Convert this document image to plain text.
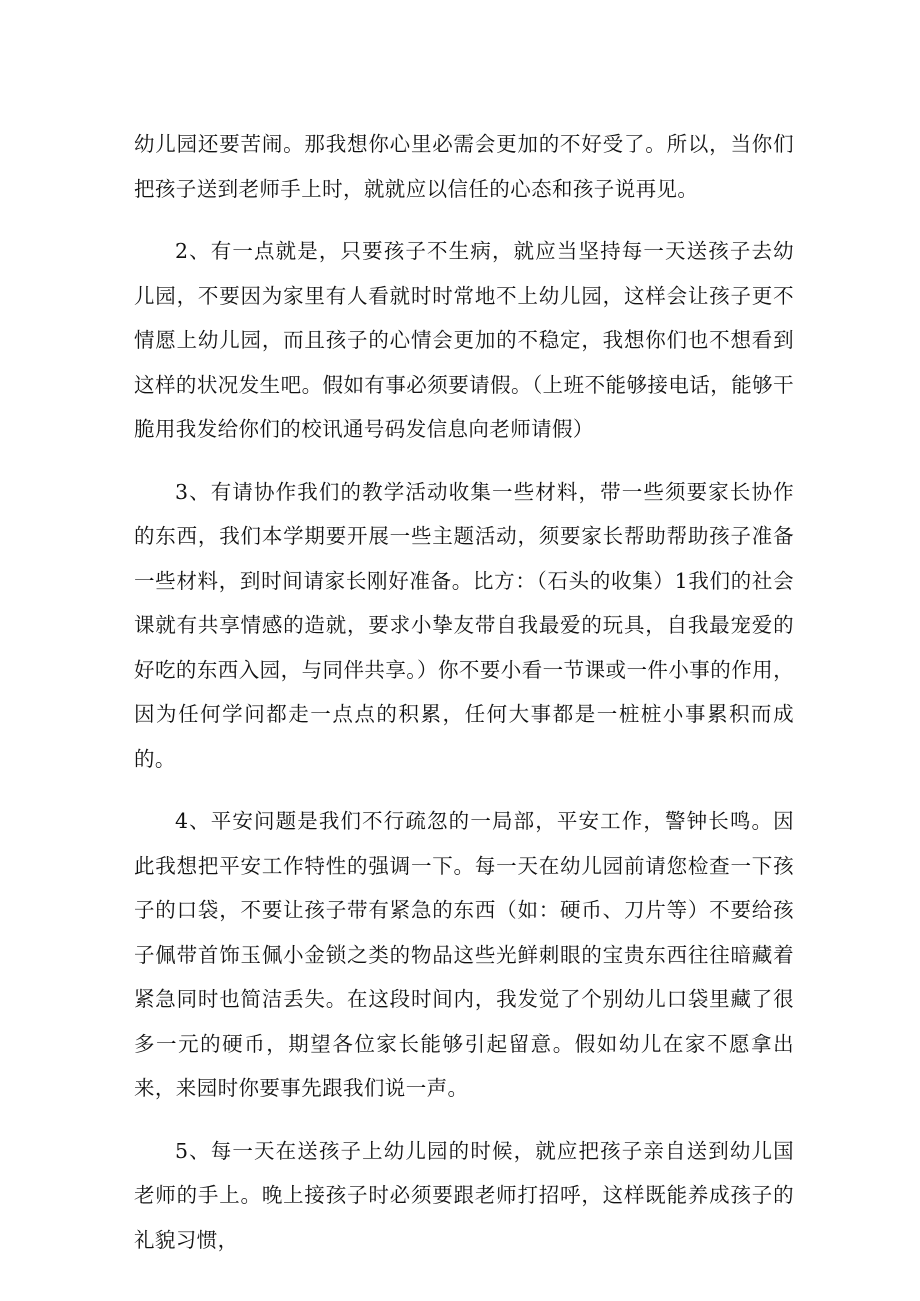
幼儿园还要苦闹。那我想你心里必需会更加的不好受了。所以，当你们把孩子送到老师手上时，就就应以信任的心态和孩子说再见。

2、有一点就是，只要孩子不生病，就应当坚持每一天送孩子去幼儿园，不要因为家里有人看就时时常地不上幼儿园，这样会让孩子更不情愿上幼儿园，而且孩子的心情会更加的不稳定，我想你们也不想看到这样的状况发生吧。假如有事必须要请假。（上班不能够接电话，能够干脆用我发给你们的校讯通号码发信息向老师请假）

3、有请协作我们的教学活动收集一些材料，带一些须要家长协作的东西，我们本学期要开展一些主题活动，须要家长帮助帮助孩子准备一些材料，到时间请家长刚好准备。比方：（石头的收集）1我们的社会课就有共享情感的造就，要求小挚友带自我最爱的玩具，自我最宠爱的好吃的东西入园，与同伴共享。）你不要小看一节课或一件小事的作用，因为任何学问都走一点点的积累，任何大事都是一桩桩小事累积而成的。

4、平安问题是我们不行疏忽的一局部，平安工作，警钟长鸣。因此我想把平安工作特性的强调一下。每一天在幼儿园前请您检查一下孩子的口袋，不要让孩子带有紧急的东西（如：硬币、刀片等）不要给孩子佩带首饰玉佩小金锁之类的物品这些光鲜刺眼的宝贵东西往往暗藏着紧急同时也简洁丢失。在这段时间内，我发觉了个别幼儿口袋里藏了很多一元的硬币，期望各位家长能够引起留意。假如幼儿在家不愿拿出来，来园时你要事先跟我们说一声。

5、每一天在送孩子上幼儿园的时候，就应把孩子亲自送到幼儿国老师的手上。晚上接孩子时必须要跟老师打招呼，这样既能养成孩子的礼貌习惯，
